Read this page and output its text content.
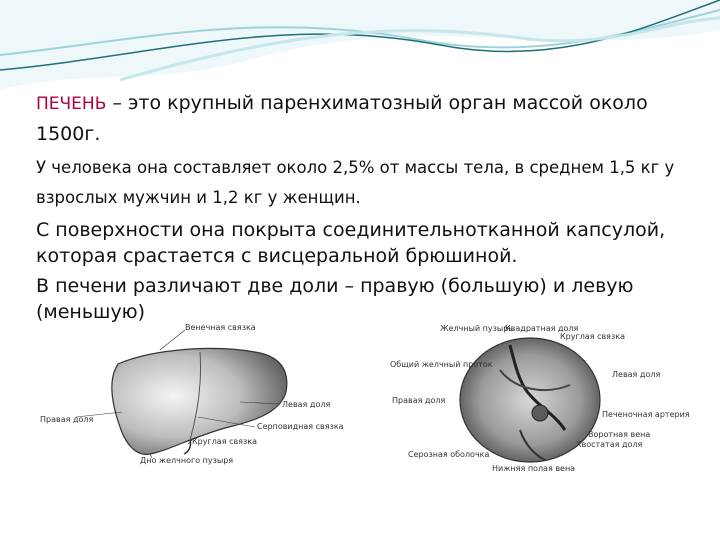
ПЕЧЕНЬ – это крупный паренхиматозный орган массой около 1500г.

У человека она составляет около 2,5% от массы тела, в среднем 1,5 кг у взрослых мужчин и 1,2 кг у женщин.

С поверхности она покрыта соединительнотканной капсулой, которая срастается с висцеральной брюшиной.

В печени различают две доли – правую (большую) и левую (меньшую)

Венечная связка
Правая доля
Левая доля
Серповидная связка
Круглая связка
Дно желчного пузыря
Желчный пузырь
Квадратная доля
Круглая связка
Общий желчный проток
Правая доля
Левая доля
Печеночная артерия
Воротная вена
Хвостатая доля
Серозная оболочка
Нижняя полая вена
